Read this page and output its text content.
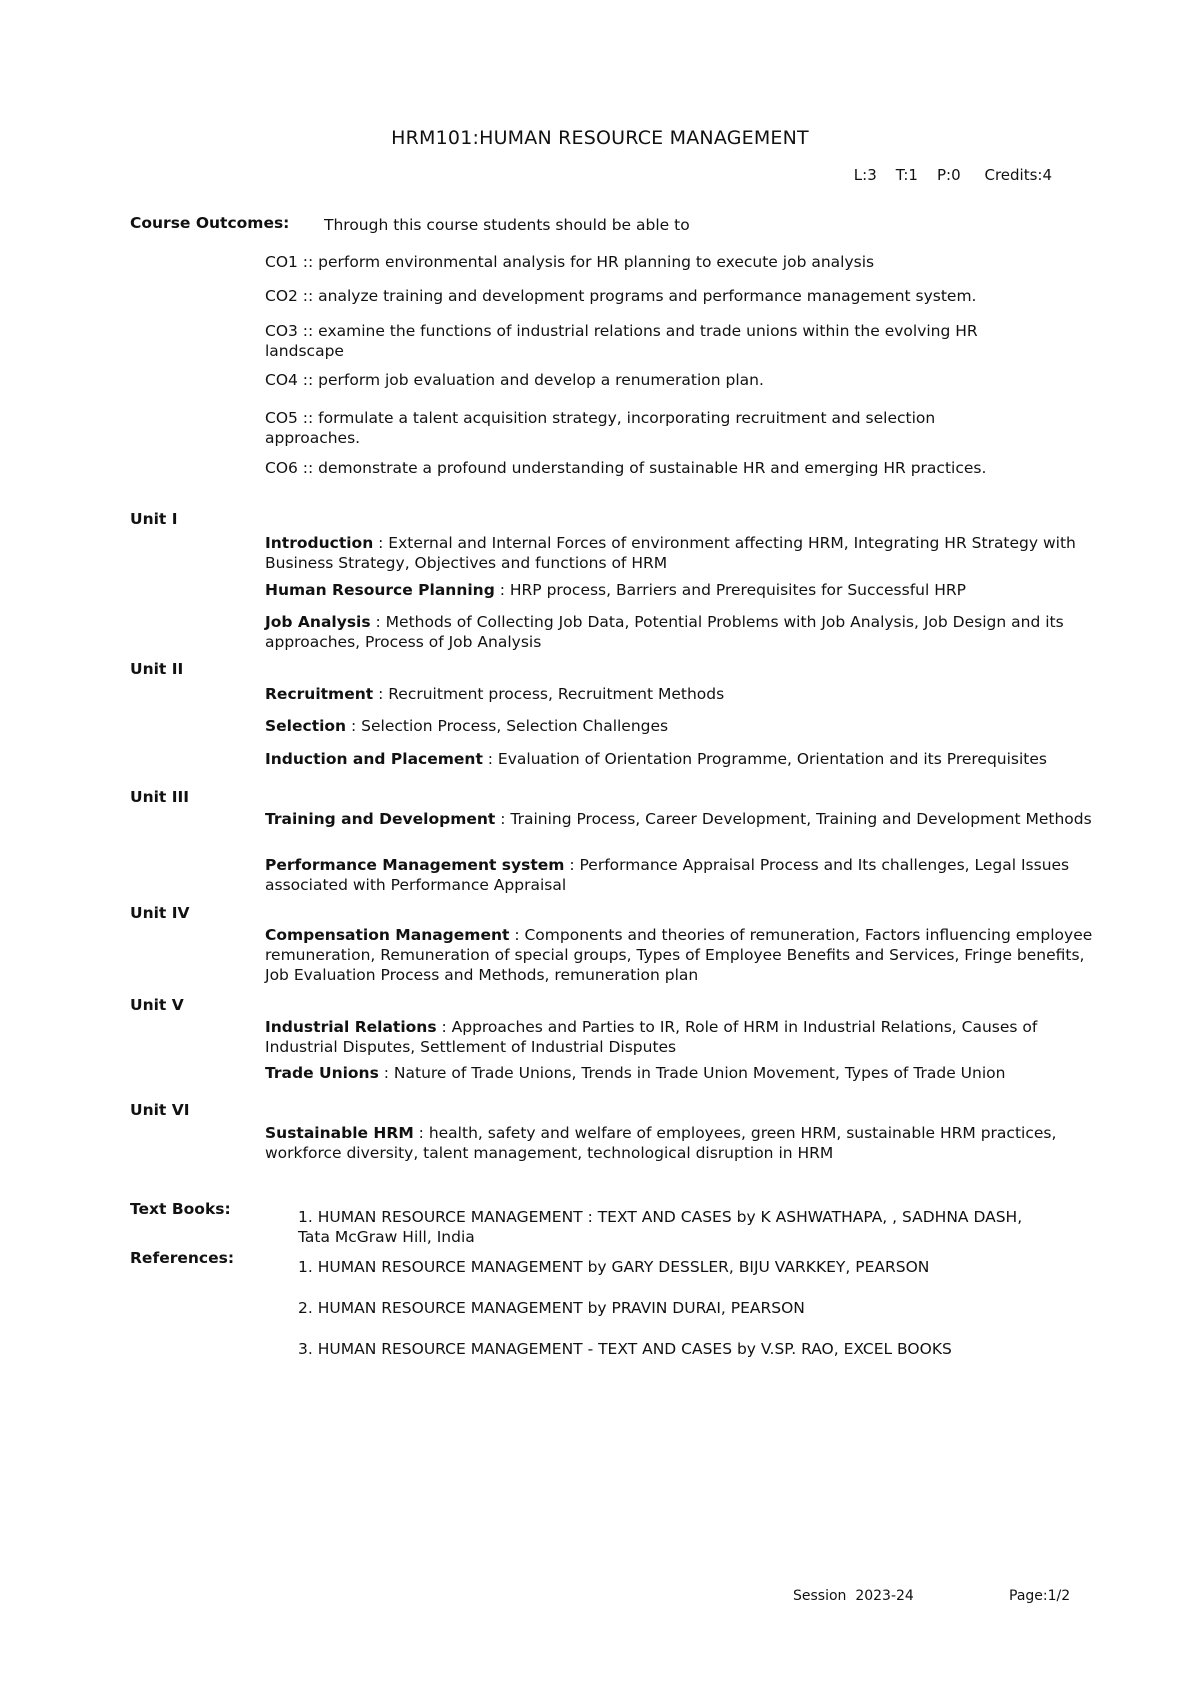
HRM101:HUMAN RESOURCE MANAGEMENT
L:3    T:1    P:0     Credits:4
Course Outcomes: Through this course students should be able to
CO1 :: perform environmental analysis for HR planning to execute job analysis
CO2 :: analyze training and development programs and performance management system.
CO3 :: examine the functions of industrial relations and trade unions within the evolving HR landscape
CO4 :: perform job evaluation and develop a renumeration plan.
CO5 :: formulate a talent acquisition strategy, incorporating recruitment and selection approaches.
CO6 :: demonstrate a profound understanding of sustainable HR and emerging HR practices.
Unit I
Introduction : External and Internal Forces of environment affecting HRM, Integrating HR Strategy with Business Strategy, Objectives and functions of HRM
Human Resource Planning : HRP process, Barriers and Prerequisites for Successful HRP
Job Analysis : Methods of Collecting Job Data, Potential Problems with Job Analysis, Job Design and its approaches, Process of Job Analysis
Unit II
Recruitment : Recruitment process, Recruitment Methods
Selection : Selection Process, Selection Challenges
Induction and Placement : Evaluation of Orientation Programme, Orientation and its Prerequisites
Unit III
Training and Development : Training Process, Career Development, Training and Development Methods
Performance Management system : Performance Appraisal Process and Its challenges, Legal Issues associated with Performance Appraisal
Unit IV
Compensation Management : Components and theories of remuneration, Factors influencing employee remuneration, Remuneration of special groups, Types of Employee Benefits and Services, Fringe benefits, Job Evaluation Process and Methods, remuneration plan
Unit V
Industrial Relations : Approaches and Parties to IR, Role of HRM in Industrial Relations, Causes of Industrial Disputes, Settlement of Industrial Disputes
Trade Unions : Nature of Trade Unions, Trends in Trade Union Movement, Types of Trade Union
Unit VI
Sustainable HRM : health, safety and welfare of employees, green HRM, sustainable HRM practices, workforce diversity, talent management, technological disruption in HRM
Text Books:	1. HUMAN RESOURCE MANAGEMENT : TEXT AND CASES by K ASHWATHAPA, , SADHNA DASH, Tata McGraw Hill, India
References:	1. HUMAN RESOURCE MANAGEMENT by GARY DESSLER, BIJU VARKKEY, PEARSON
2. HUMAN RESOURCE MANAGEMENT by PRAVIN DURAI, PEARSON
3. HUMAN RESOURCE MANAGEMENT - TEXT AND CASES by V.SP. RAO, EXCEL BOOKS
Session  2023-24	Page:1/2
